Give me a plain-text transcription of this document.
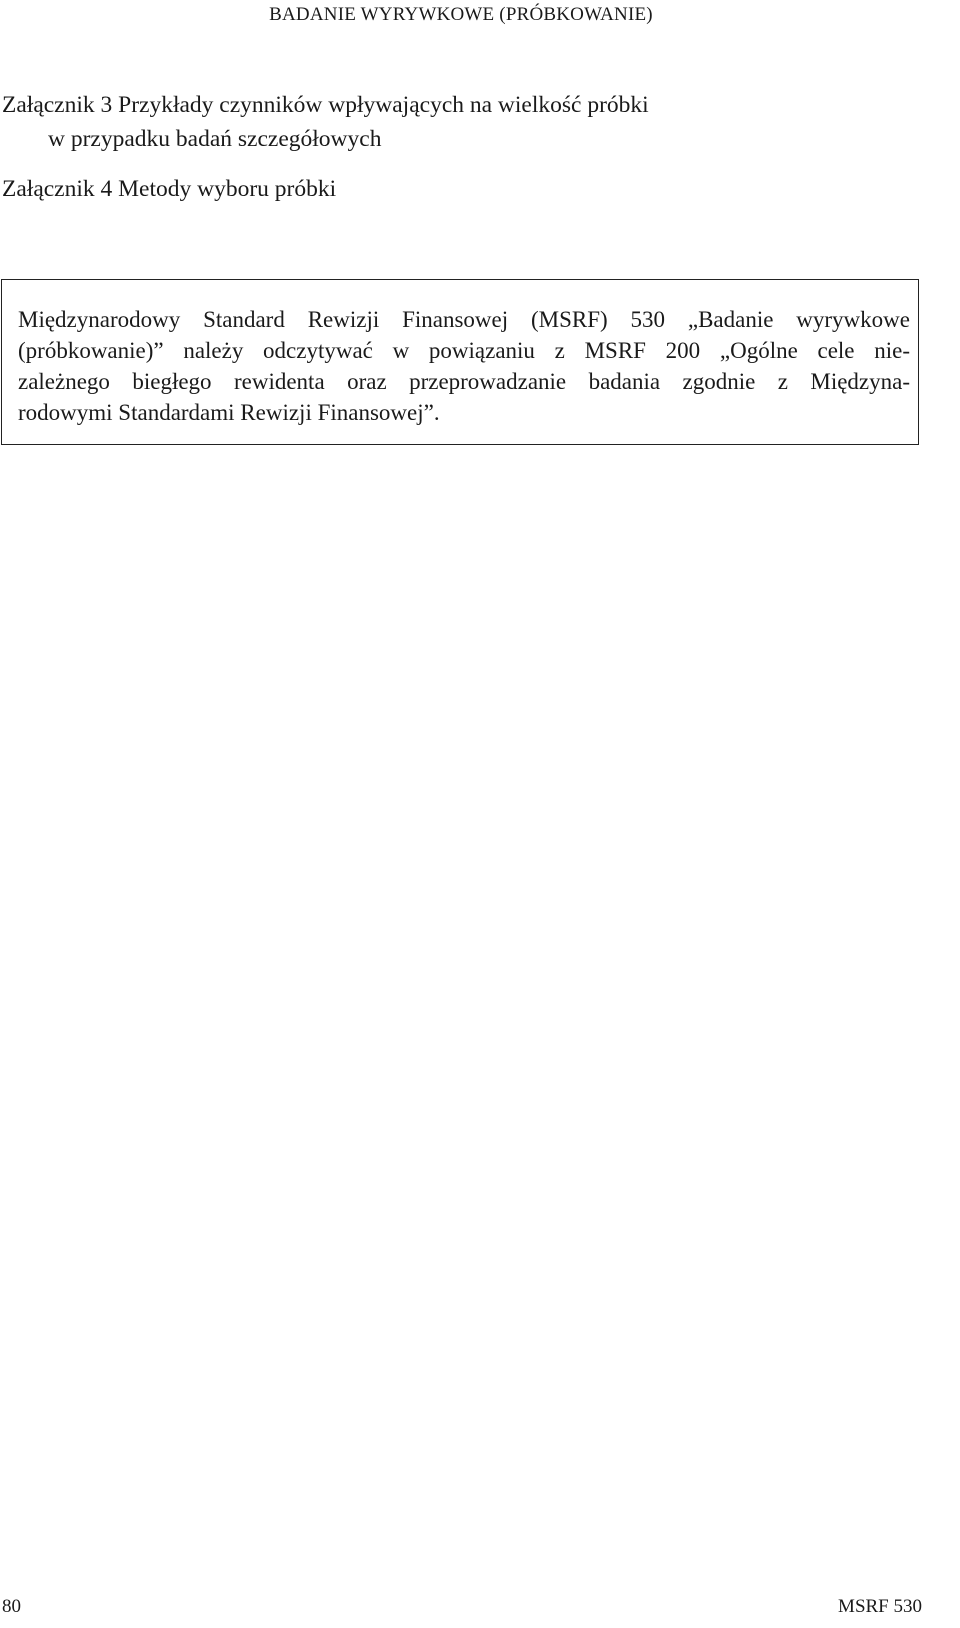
BADANIE WYRYWKOWE (PRÓBKOWANIE)
Załącznik 3 Przykłady czynników wpływających na wielkość próbki
w przypadku badań szczegółowych
Załącznik 4 Metody wyboru próbki
Międzynarodowy Standard Rewizji Finansowej (MSRF) 530 „Badanie wyrywkowe
(próbkowanie)” należy odczytywać w powiązaniu z MSRF 200 „Ogólne cele nie-
zależnego biegłego rewidenta oraz przeprowadzanie badania zgodnie z Międzyna-
rodowymi Standardami Rewizji Finansowej”.
80	MSRF 530
